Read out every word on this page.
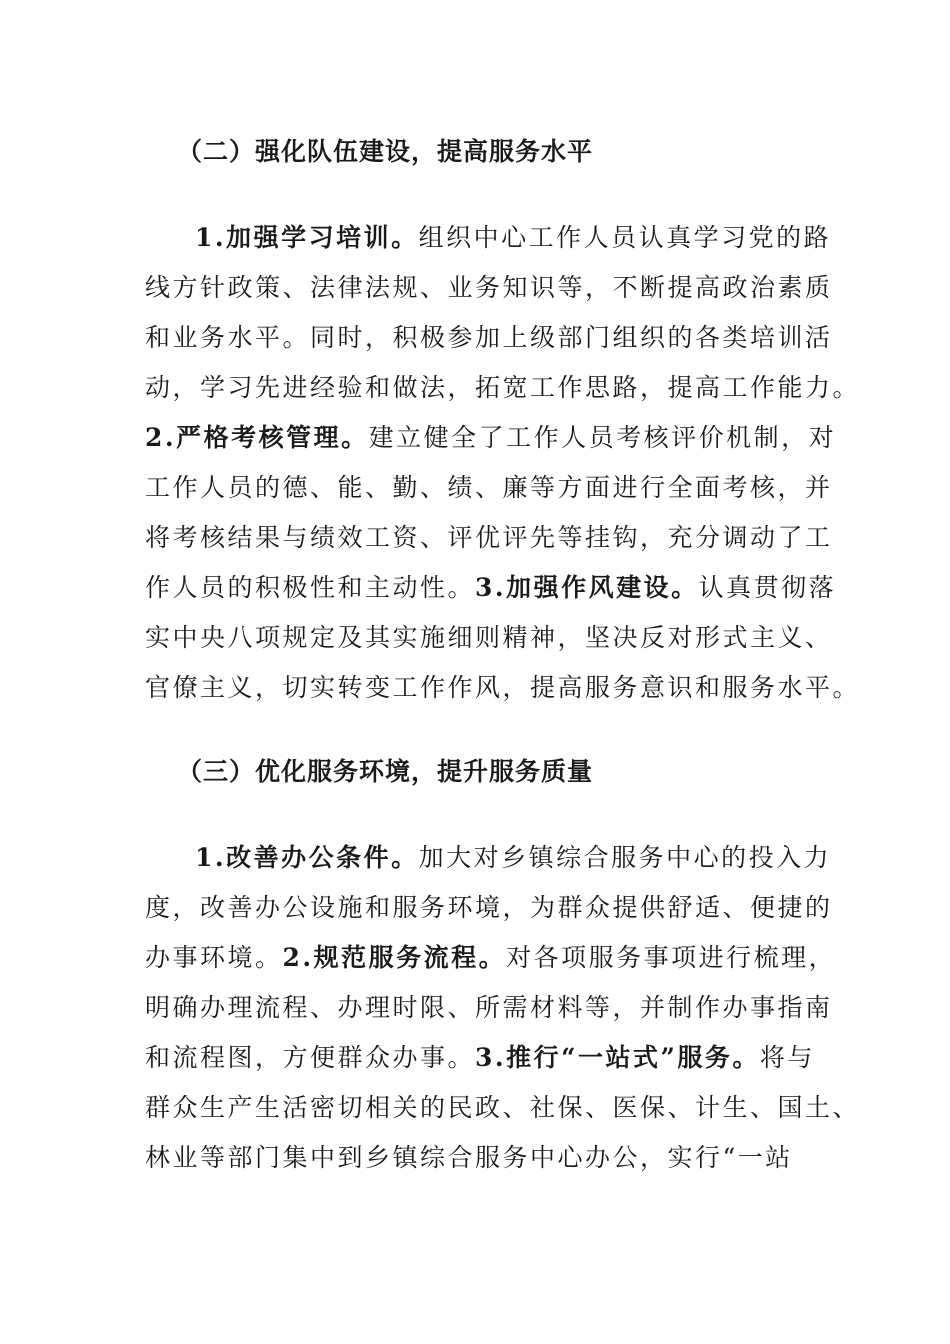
（二）强化队伍建设，提高服务水平
1.加强学习培训。组织中心工作人员认真学习党的路
线方针政策、法律法规、业务知识等，不断提高政治素质
和业务水平。同时，积极参加上级部门组织的各类培训活
动，学习先进经验和做法，拓宽工作思路，提高工作能力。
2.严格考核管理。建立健全了工作人员考核评价机制，对
工作人员的德、能、勤、绩、廉等方面进行全面考核，并
将考核结果与绩效工资、评优评先等挂钩，充分调动了工
作人员的积极性和主动性。3.加强作风建设。认真贯彻落
实中央八项规定及其实施细则精神，坚决反对形式主义、
官僚主义，切实转变工作作风，提高服务意识和服务水平。
（三）优化服务环境，提升服务质量
1.改善办公条件。加大对乡镇综合服务中心的投入力
度，改善办公设施和服务环境，为群众提供舒适、便捷的
办事环境。2.规范服务流程。对各项服务事项进行梳理，
明确办理流程、办理时限、所需材料等，并制作办事指南
和流程图，方便群众办事。3.推行“一站式”服务。将与
群众生产生活密切相关的民政、社保、医保、计生、国土、
林业等部门集中到乡镇综合服务中心办公，实行“一站
